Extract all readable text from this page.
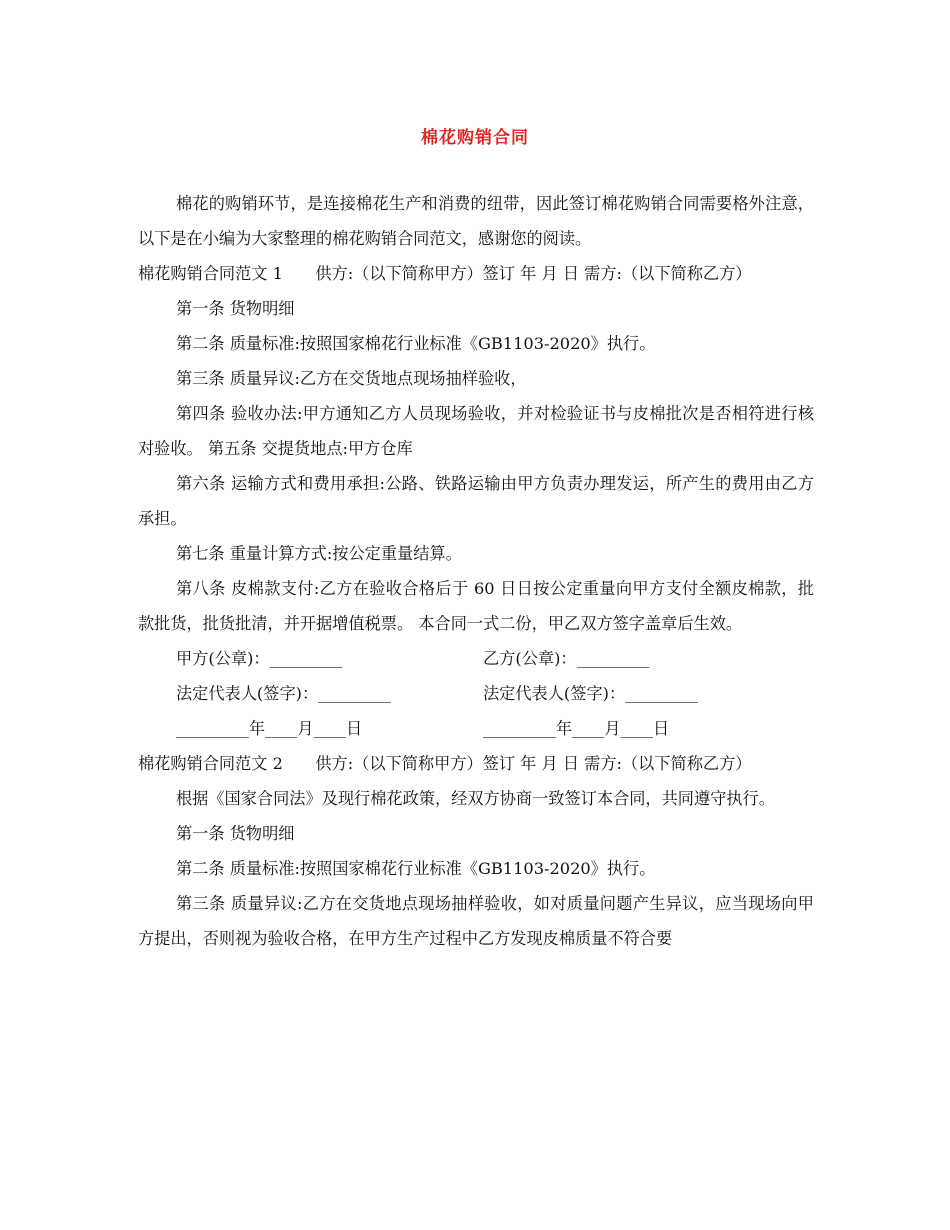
棉花购销合同

棉花的购销环节，是连接棉花生产和消费的纽带，因此签订棉花购销合同需要格外注意，以下是在小编为大家整理的棉花购销合同范文，感谢您的阅读。

棉花购销合同范文 1　　供方:（以下简称甲方）签订 年 月 日 需方:（以下简称乙方）

第一条 货物明细

第二条 质量标准:按照国家棉花行业标准《GB1103-2020》执行。

第三条 质量异议:乙方在交货地点现场抽样验收，

第四条 验收办法:甲方通知乙方人员现场验收，并对检验证书与皮棉批次是否相符进行核对验收。 第五条 交提货地点:甲方仓库

第六条 运输方式和费用承担:公路、铁路运输由甲方负责办理发运，所产生的费用由乙方承担。

第七条 重量计算方式:按公定重量结算。

第八条 皮棉款支付:乙方在验收合格后于 60 日日按公定重量向甲方支付全额皮棉款，批款批货，批货批清，并开据增值税票。 本合同一式二份，甲乙双方签字盖章后生效。

甲方(公章)：_________	乙方(公章)：_________
法定代表人(签字)：_________	法定代表人(签字)：_________
_________年____月____日	_________年____月____日

棉花购销合同范文 2　　供方:（以下简称甲方）签订 年 月 日 需方:（以下简称乙方）

根据《国家合同法》及现行棉花政策，经双方协商一致签订本合同，共同遵守执行。

第一条 货物明细

第二条 质量标准:按照国家棉花行业标准《GB1103-2020》执行。

第三条 质量异议:乙方在交货地点现场抽样验收，如对质量问题产生异议，应当现场向甲方提出，否则视为验收合格，在甲方生产过程中乙方发现皮棉质量不符合要
